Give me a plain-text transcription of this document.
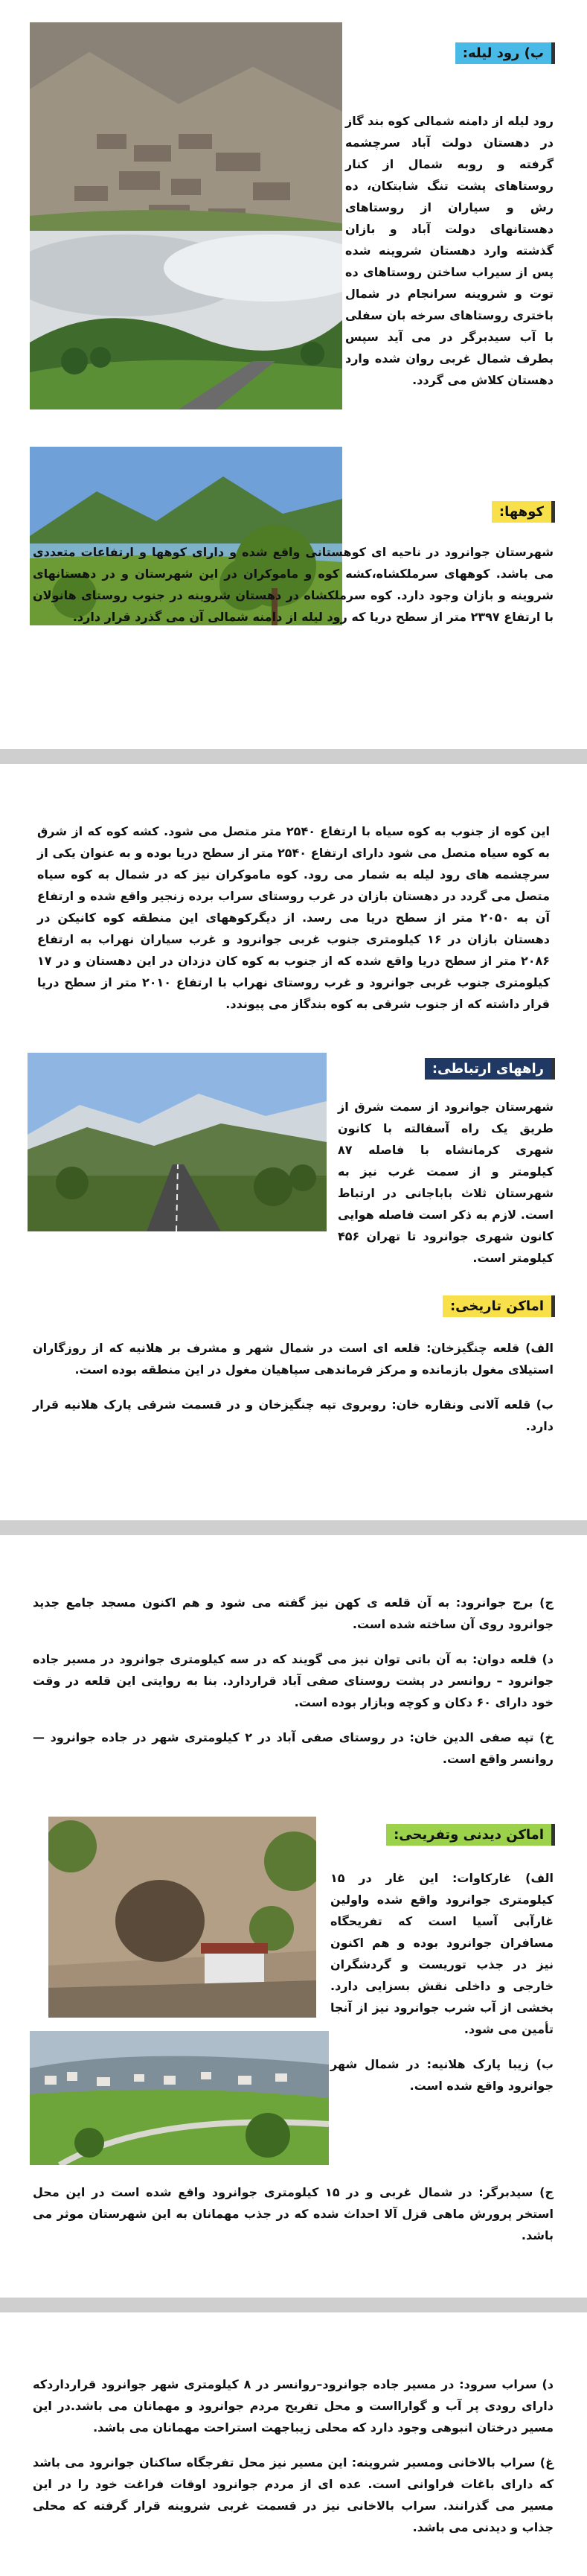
ب) رود لیله:
رود لیله از دامنه شمالی کوه بند گاز در دهستان دولت آباد سرچشمه گرفته و روبه شمال از کنار روستاهای پشت تنگ شابتکان، ده رش و سیاران از روستاهای دهستانهای دولت آباد و بازان گذشته وارد دهستان شروینه شده پس از سیراب ساختن روستاهای ده توت و شروینه سرانجام در شمال باختری روستاهای سرخه بان سفلی با آب سیدبرگر در می آید سپس بطرف شمال غربی روان شده وارد دهستان کلاش می گردد.
کوهها:
شهرستان جوانرود در ناحیه ای کوهستانی واقع شده و دارای کوهها و ارتفاعات متعددی می باشد. کوههای سرملکشاه،کشه کوه و ماموکران در این شهرستان و در دهستانهای شروینه و بازان وجود دارد. کوه سرملکشاه در دهستان شروینه در جنوب روستای هانولان با ارتفاع ۲۳۹۷ متر از سطح دریا که رود لیله از دامنه شمالی آن می گذرد قرار دارد.
این کوه از جنوب به کوه سیاه با ارتفاع ۲۵۴۰ متر متصل می شود. کشه کوه که از شرق به کوه سیاه متصل می شود دارای ارتفاع ۲۵۴۰ متر از سطح دریا بوده و به عنوان یکی از سرچشمه های رود لیله به شمار می رود. کوه ماموکران نیز که در شمال به کوه سیاه متصل می گردد در دهستان بازان در غرب روستای سراب برده زنجیر واقع شده و ارتفاع آن به ۲۰۵۰ متر از سطح دریا می رسد. از دیگرکوههای این منطقه کوه کانیکن در دهستان بازان در ۱۶ کیلومتری جنوب غربی جوانرود و غرب سیاران نهراب به ارتفاع ۲۰۸۶ متر از سطح دریا واقع شده که از جنوب به کوه کان دزدان در این دهستان و در ۱۷ کیلومتری جنوب غربی جوانرود و غرب روستای نهراب با ارتفاع ۲۰۱۰ متر از سطح دریا قرار داشته که از جنوب شرقی به کوه بندگاز می پیوندد.
راههای ارتباطی:
شهرستان جوانرود از سمت شرق از طریق یک راه آسفالته با کانون شهری کرمانشاه با فاصله ۸۷ کیلومتر و از سمت غرب نیز به شهرستان ثلاث باباجانی در ارتباط است. لازم به ذکر است فاصله هوایی کانون شهری جوانرود تا تهران ۴۵۶ کیلومتر است.
اماکن تاریخی:

الف) قلعه چنگیزخان: قلعه ای است در شمال شهر و مشرف بر هلانیه که از روزگاران استیلای مغول بازمانده و مرکز فرماندهی سپاهیان مغول در این منطقه بوده است.

ب) قلعه آلانی ونقاره خان: روبروی تپه چنگیزخان و در قسمت شرقی پارک هلانیه قرار دارد.

ج) برج جوانرود: به آن قلعه ی کهن نیز گفته می شود و هم اکنون مسجد جامع جدید جوانرود روی آن ساخته شده است.

د) قلعه دوان: به آن باتی توان نیز می گویند که در سه کیلومتری جوانرود در مسیر جاده جوانرود – روانسر در پشت روستای صفی آباد قراردارد. بنا به روایتی این قلعه در وقت خود دارای ۶۰ دکان و کوچه وبازار بوده است.

خ) تپه صفی الدین خان: در روستای صفی آباد در ۲ کیلومتری شهر در جاده جوانرود — روانسر واقع است.

اماکن دیدنی وتفریحی:

الف) غارکاوات: این غار در ۱۵ کیلومتری جوانرود واقع شده واولین غارآبی آسیا است که تفریحگاه مسافران جوانرود بوده و هم اکنون نیز در جذب توریست و گردشگران خارجی و داخلی نقش بسزایی دارد. بخشی از آب شرب جوانرود نیز از آنجا تأمین می شود.

ب) زیبا پارک هلانیه: در شمال شهر جوانرود واقع شده است.

ج) سیدبرگر: در شمال غربی و در ۱۵ کیلومتری جوانرود واقع شده است در این محل استخر پرورش ماهی قزل آلا احداث شده که در جذب مهمانان به این شهرستان موثر می باشد.

د) سراب سرود: در مسیر جاده جوانرود–روانسر در ۸ کیلومتری شهر جوانرود قرارداردکه دارای رودی پر آب و گوارااست و محل تفریح مردم جوانرود و مهمانان می باشد.در این مسیر درختان انبوهی وجود دارد که محلی زیباجهت استراحت مهمانان می باشد.

غ) سراب بالاخانی ومسیر شروینه: این مسیر نیز محل تفرجگاه ساکنان جوانرود می باشد که دارای باغات فراوانی است. عده ای از مردم جوانرود اوقات فراغت خود را در این مسیر می گذرانند. سراب بالاخانی نیز در قسمت غربی شروینه قرار گرفته که محلی جذاب و دیدنی می باشد.
